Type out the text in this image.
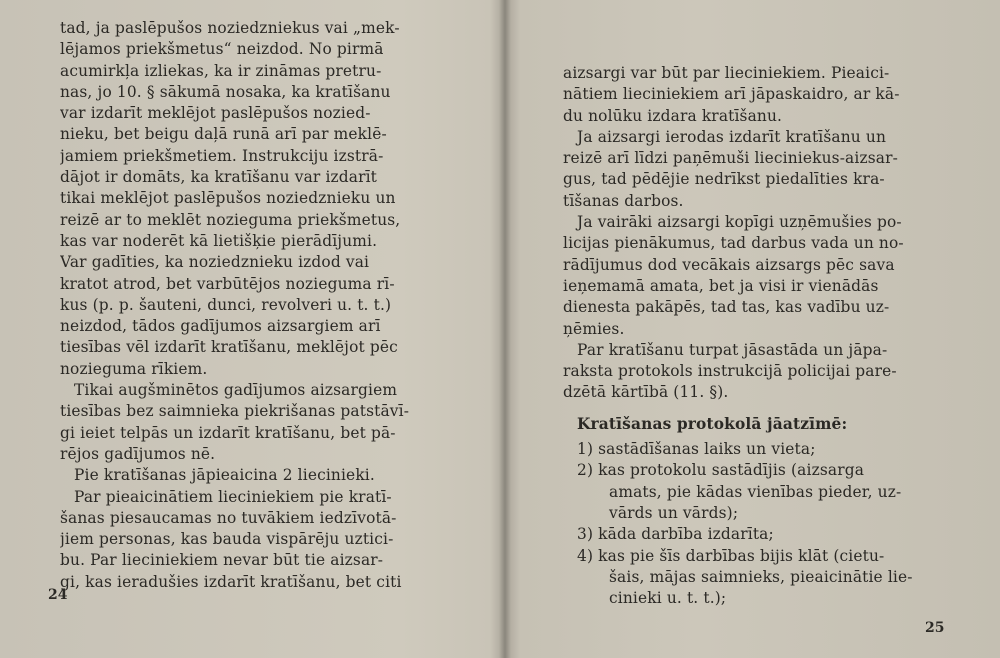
tad, ja paslēpušos noziedzniekus vai „mek-
lējamos priekšmetus“ neizdod. No pirmā
acumirkļa izliekas, ka ir zināmas pretru-
nas, jo 10. § sākumā nosaka, ka kratīšanu
var izdarīt meklējot paslēpušos nozied-
nieku, bet beigu daļā runā arī par meklē-
jamiem priekšmetiem. Instrukciju izstrā-
dājot ir domāts, ka kratīšanu var izdarīt
tikai meklējot paslēpušos noziedznieku un
reizē ar to meklēt nozieguma priekšmetus,
kas var noderēt kā lietišķie pierādījumi.
Var gadīties, ka noziedznieku izdod vai
kratot atrod, bet varbūtējos nozieguma rī-
kus (p. p. šauteni, dunci, revolveri u. t. t.)
neizdod, tādos gadījumos aizsargiem arī
tiesības vēl izdarīt kratīšanu, meklējot pēc
nozieguma rīkiem.
Tikai augšminētos gadījumos aizsargiem
tiesības bez saimnieka piekrišanas patstāvī-
gi ieiet telpās un izdarīt kratīšanu, bet pā-
rējos gadījumos nē.
Pie kratīšanas jāpieaicina 2 liecinieki.
Par pieaicinātiem lieciniekiem pie kratī-
šanas piesaucamas no tuvākiem iedzīvotā-
jiem personas, kas bauda vispārēju uztici-
bu. Par lieciniekiem nevar būt tie aizsar-
gi, kas ieradušies izdarīt kratīšanu, bet citi
24
aizsargi var būt par lieciniekiem. Pieaici-
nātiem lieciniekiem arī jāpaskaidro, ar kā-
du nolūku izdara kratīšanu.
Ja aizsargi ierodas izdarīt kratīšanu un
reizē arī līdzi paņēmuši lieciniekus-aizsar-
gus, tad pēdējie nedrīkst piedalīties kra-
tīšanas darbos.
Ja vairāki aizsargi kopīgi uzņēmušies po-
licijas pienākumus, tad darbus vada un no-
rādījumus dod vecākais aizsargs pēc sava
ieņemamā amata, bet ja visi ir vienādās
dienesta pakāpēs, tad tas, kas vadību uz-
ņēmies.
Par kratīšanu turpat jāsastāda un jāpa-
raksta protokols instrukcijā policijai pare-
dzētā kārtībā (11. §).
Kratīšanas protokolā jāatzīmē:
1) sastādīšanas laiks un vieta;
2) kas protokolu sastādījis (aizsarga
amats, pie kādas vienības pieder, uz-
vārds un vārds);
3) kāda darbība izdarīta;
4) kas pie šīs darbības bijis klāt (cietu-
šais, mājas saimnieks, pieaicinātie lie-
cinieki u. t. t.);
25
